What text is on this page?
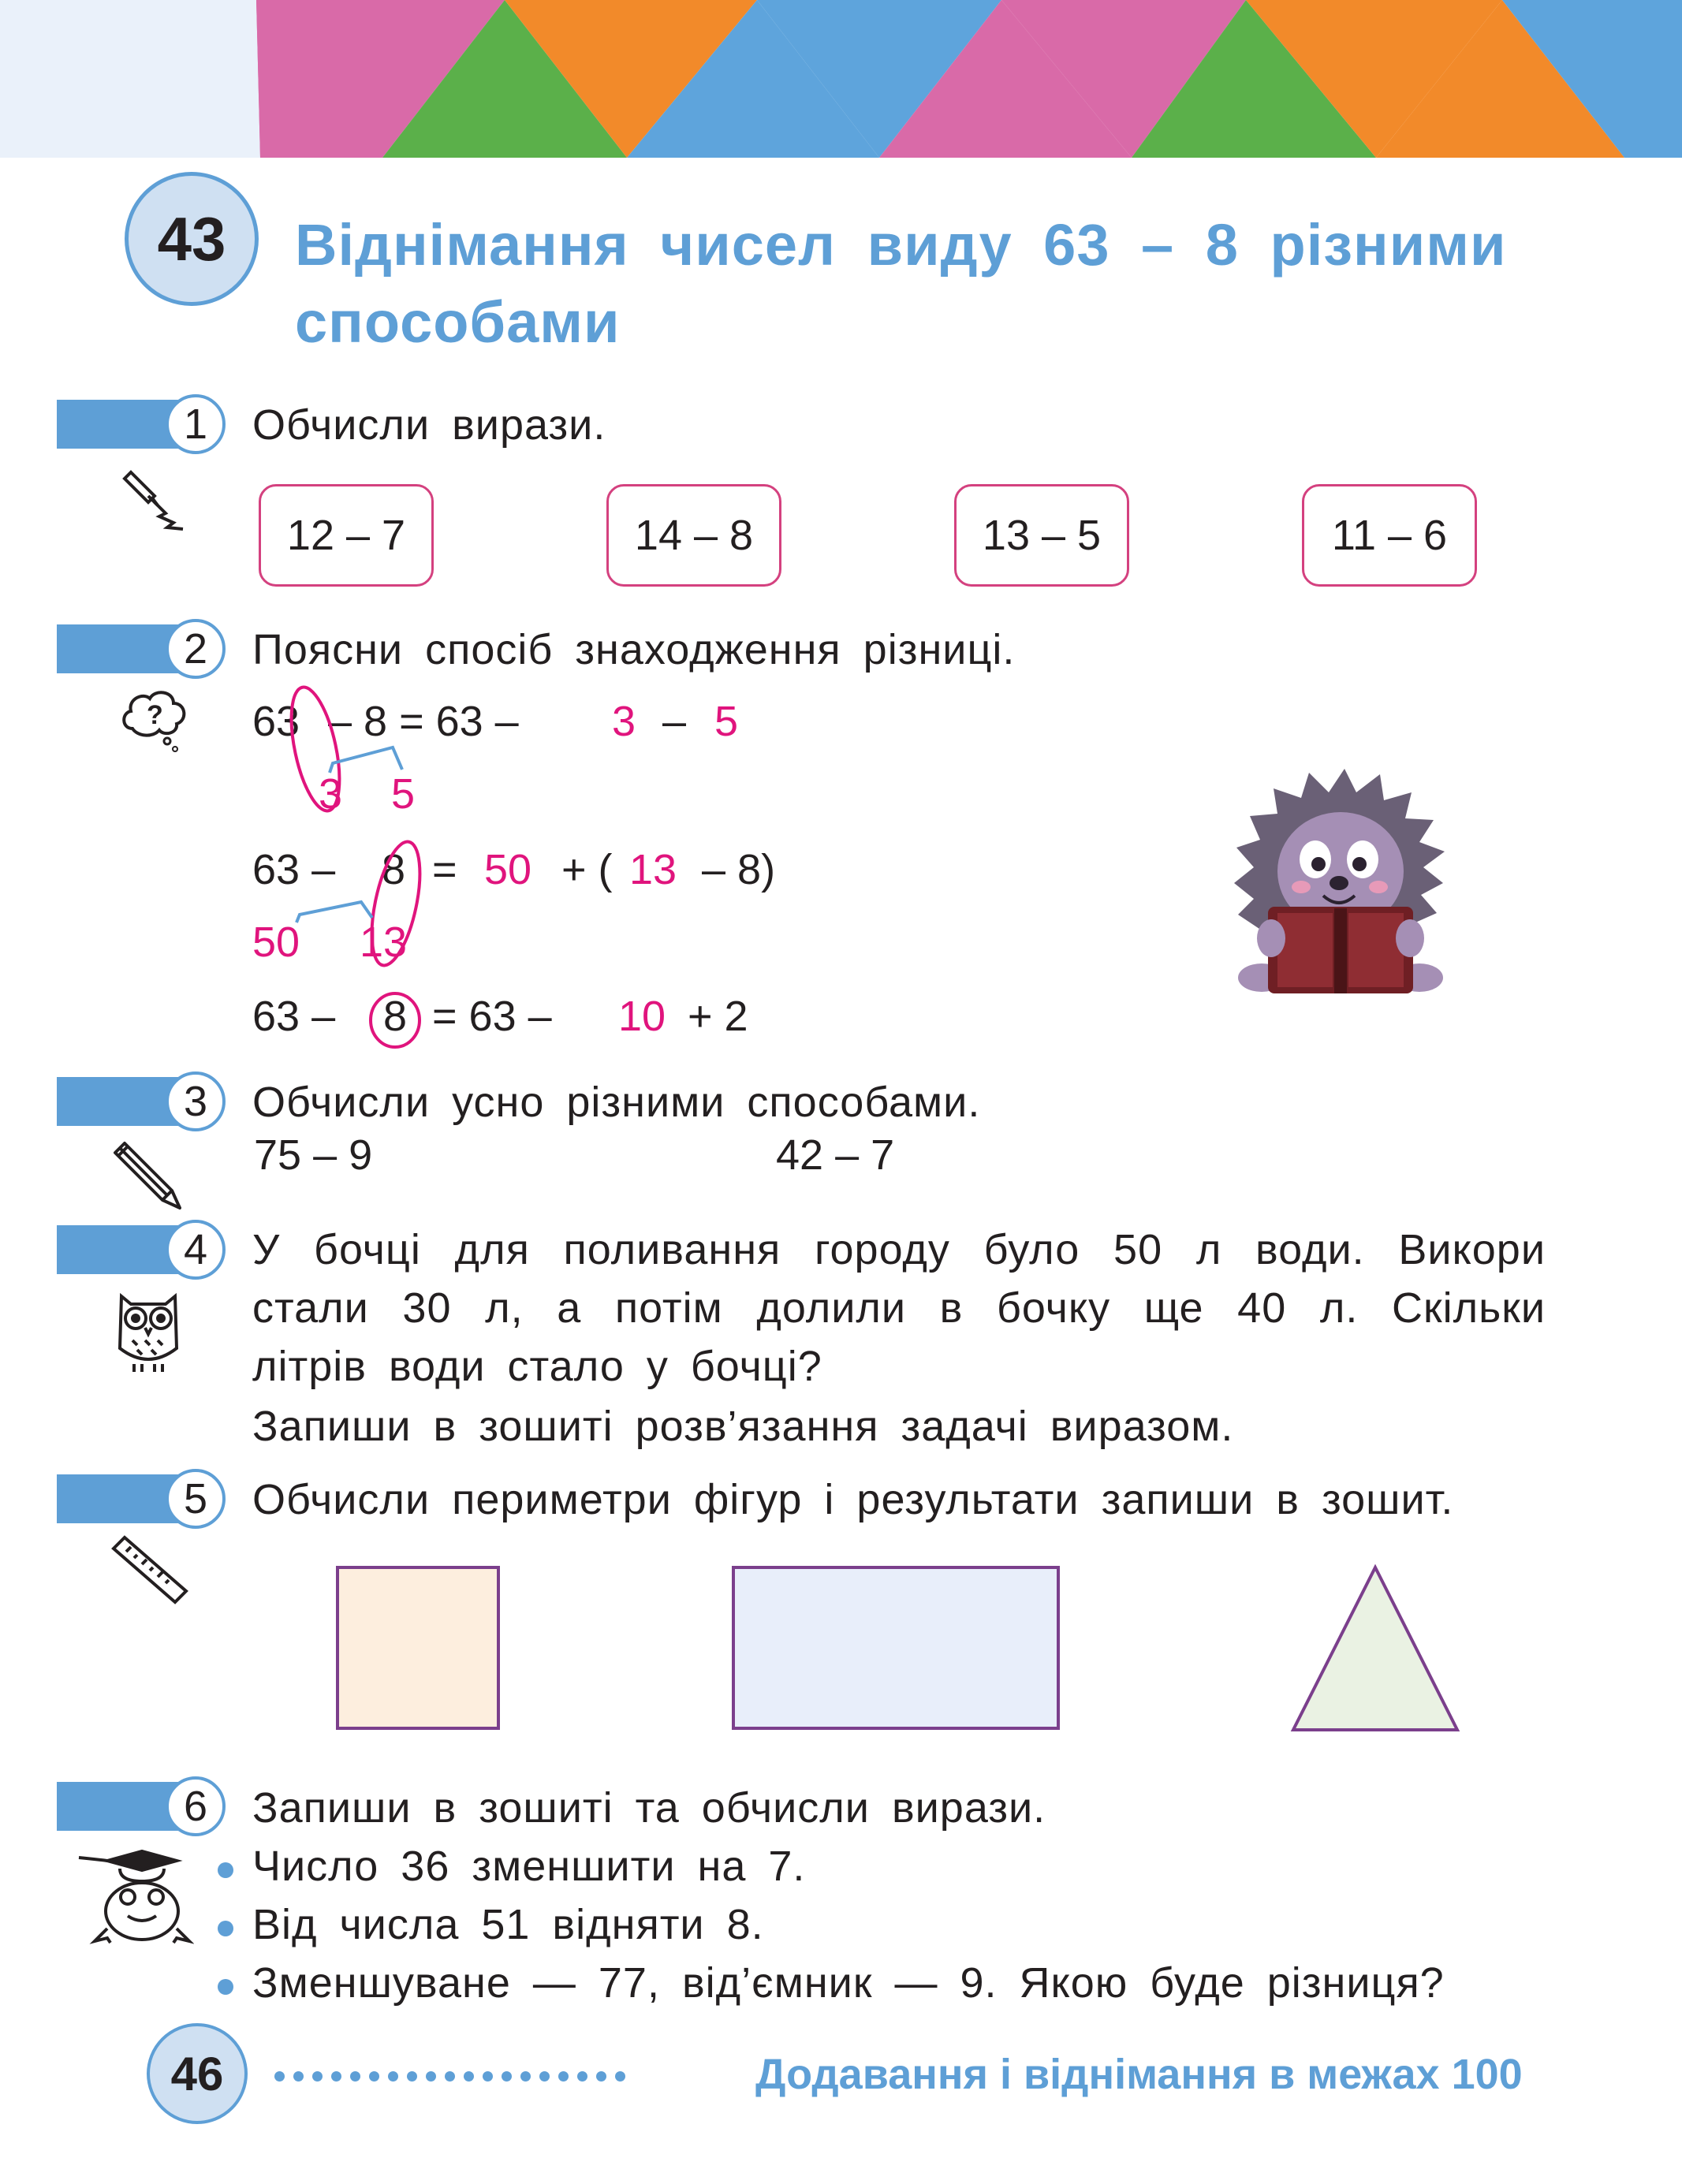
43	Віднімання чисел виду 63 – 8 різними способами
1	Обчисли вирази.
12 – 7	14 – 8	13 – 5	11 – 6
2	Поясни спосіб знаходження різниці.
? 63 – 8 = 63 – 3 – 5
3 5
63 – 8 = 50 + ( 13 – 8)
50 13
63 – 8 = 63 – 10 + 2
3	Обчисли усно різними способами.
75 – 9	42 – 7
4	У бочці для поливання городу було 50 л води. Викори стали 30 л, а потім долили в бочку ще 40 л. Скільки літрів води стало у бочці?
Запиши в зошиті розв’язання задачі виразом.
5	Обчисли периметри фігур і результати запиши в зошит.
6	Запиши в зошиті та обчисли вирази.
Число 36 зменшити на 7.
Від числа 51 відняти 8.
Зменшуване — 77, від’ємник — 9. Якою буде різниця?
46	Додавання і віднімання в межах 100
